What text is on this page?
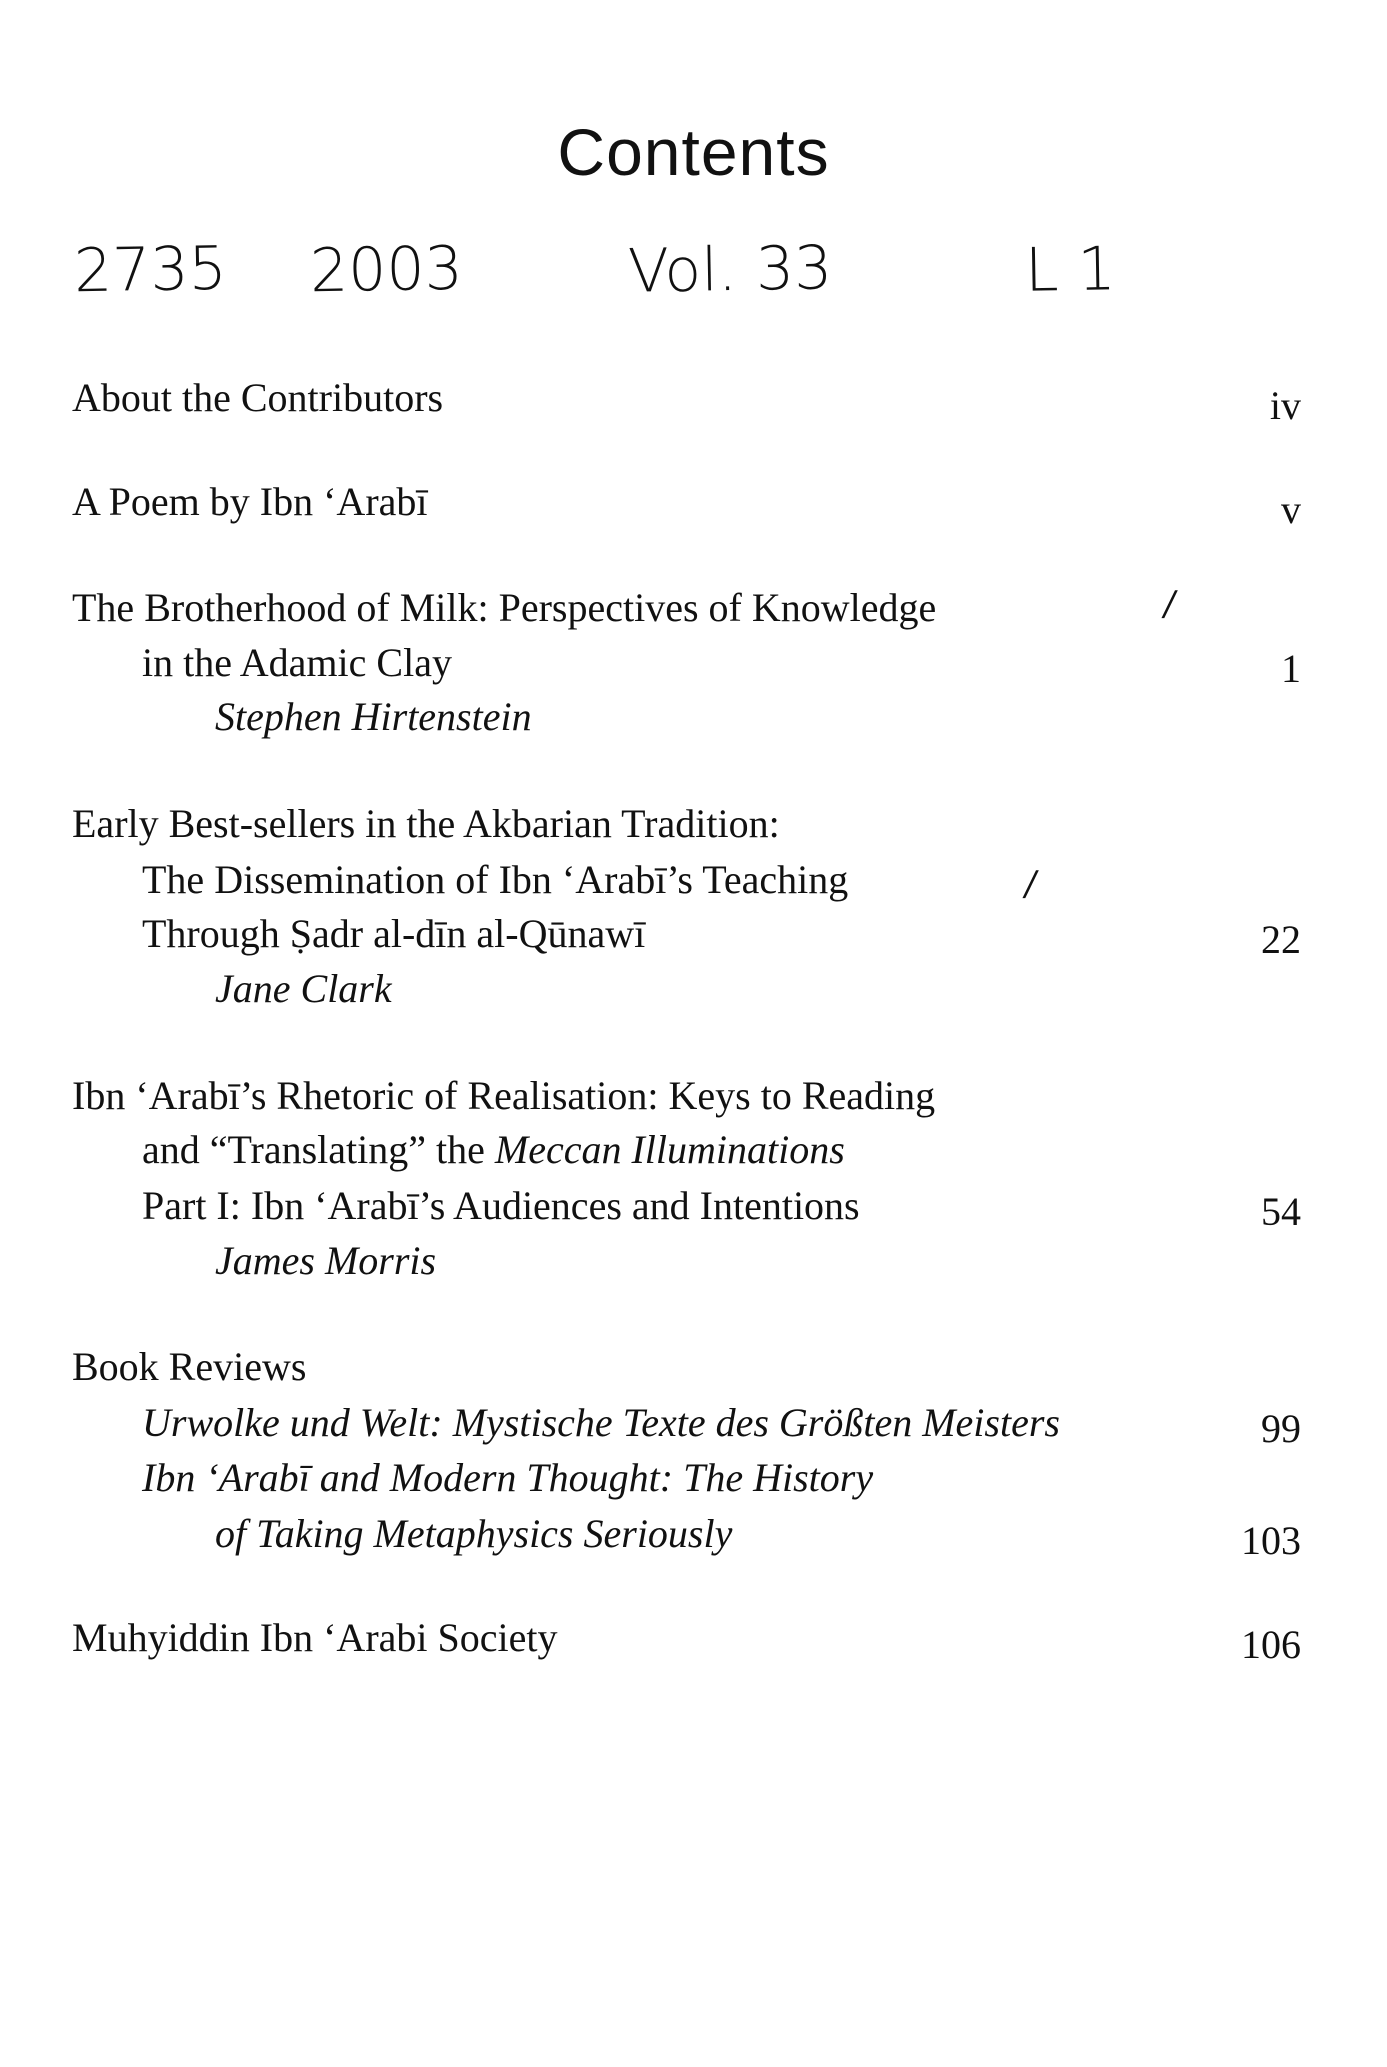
Contents
2735 2003	Vol. 33	L 1
About the Contributors	iv
A Poem by Ibn ‘Arabī	v
The Brotherhood of Milk: Perspectives of Knowledge	/
in the Adamic Clay	1
Stephen Hirtenstein
Early Best-sellers in the Akbarian Tradition:
The Dissemination of Ibn ‘Arabī’s Teaching	/
Through Ṣadr al-dīn al-Qūnawī	22
Jane Clark
Ibn ‘Arabī’s Rhetoric of Realisation: Keys to Reading
and “Translating” the Meccan Illuminations
Part I: Ibn ‘Arabī’s Audiences and Intentions	54
James Morris
Book Reviews
Urwolke und Welt: Mystische Texte des Größten Meisters	99
Ibn ‘Arabī and Modern Thought: The History
of Taking Metaphysics Seriously	103
Muhyiddin Ibn ‘Arabi Society	106
